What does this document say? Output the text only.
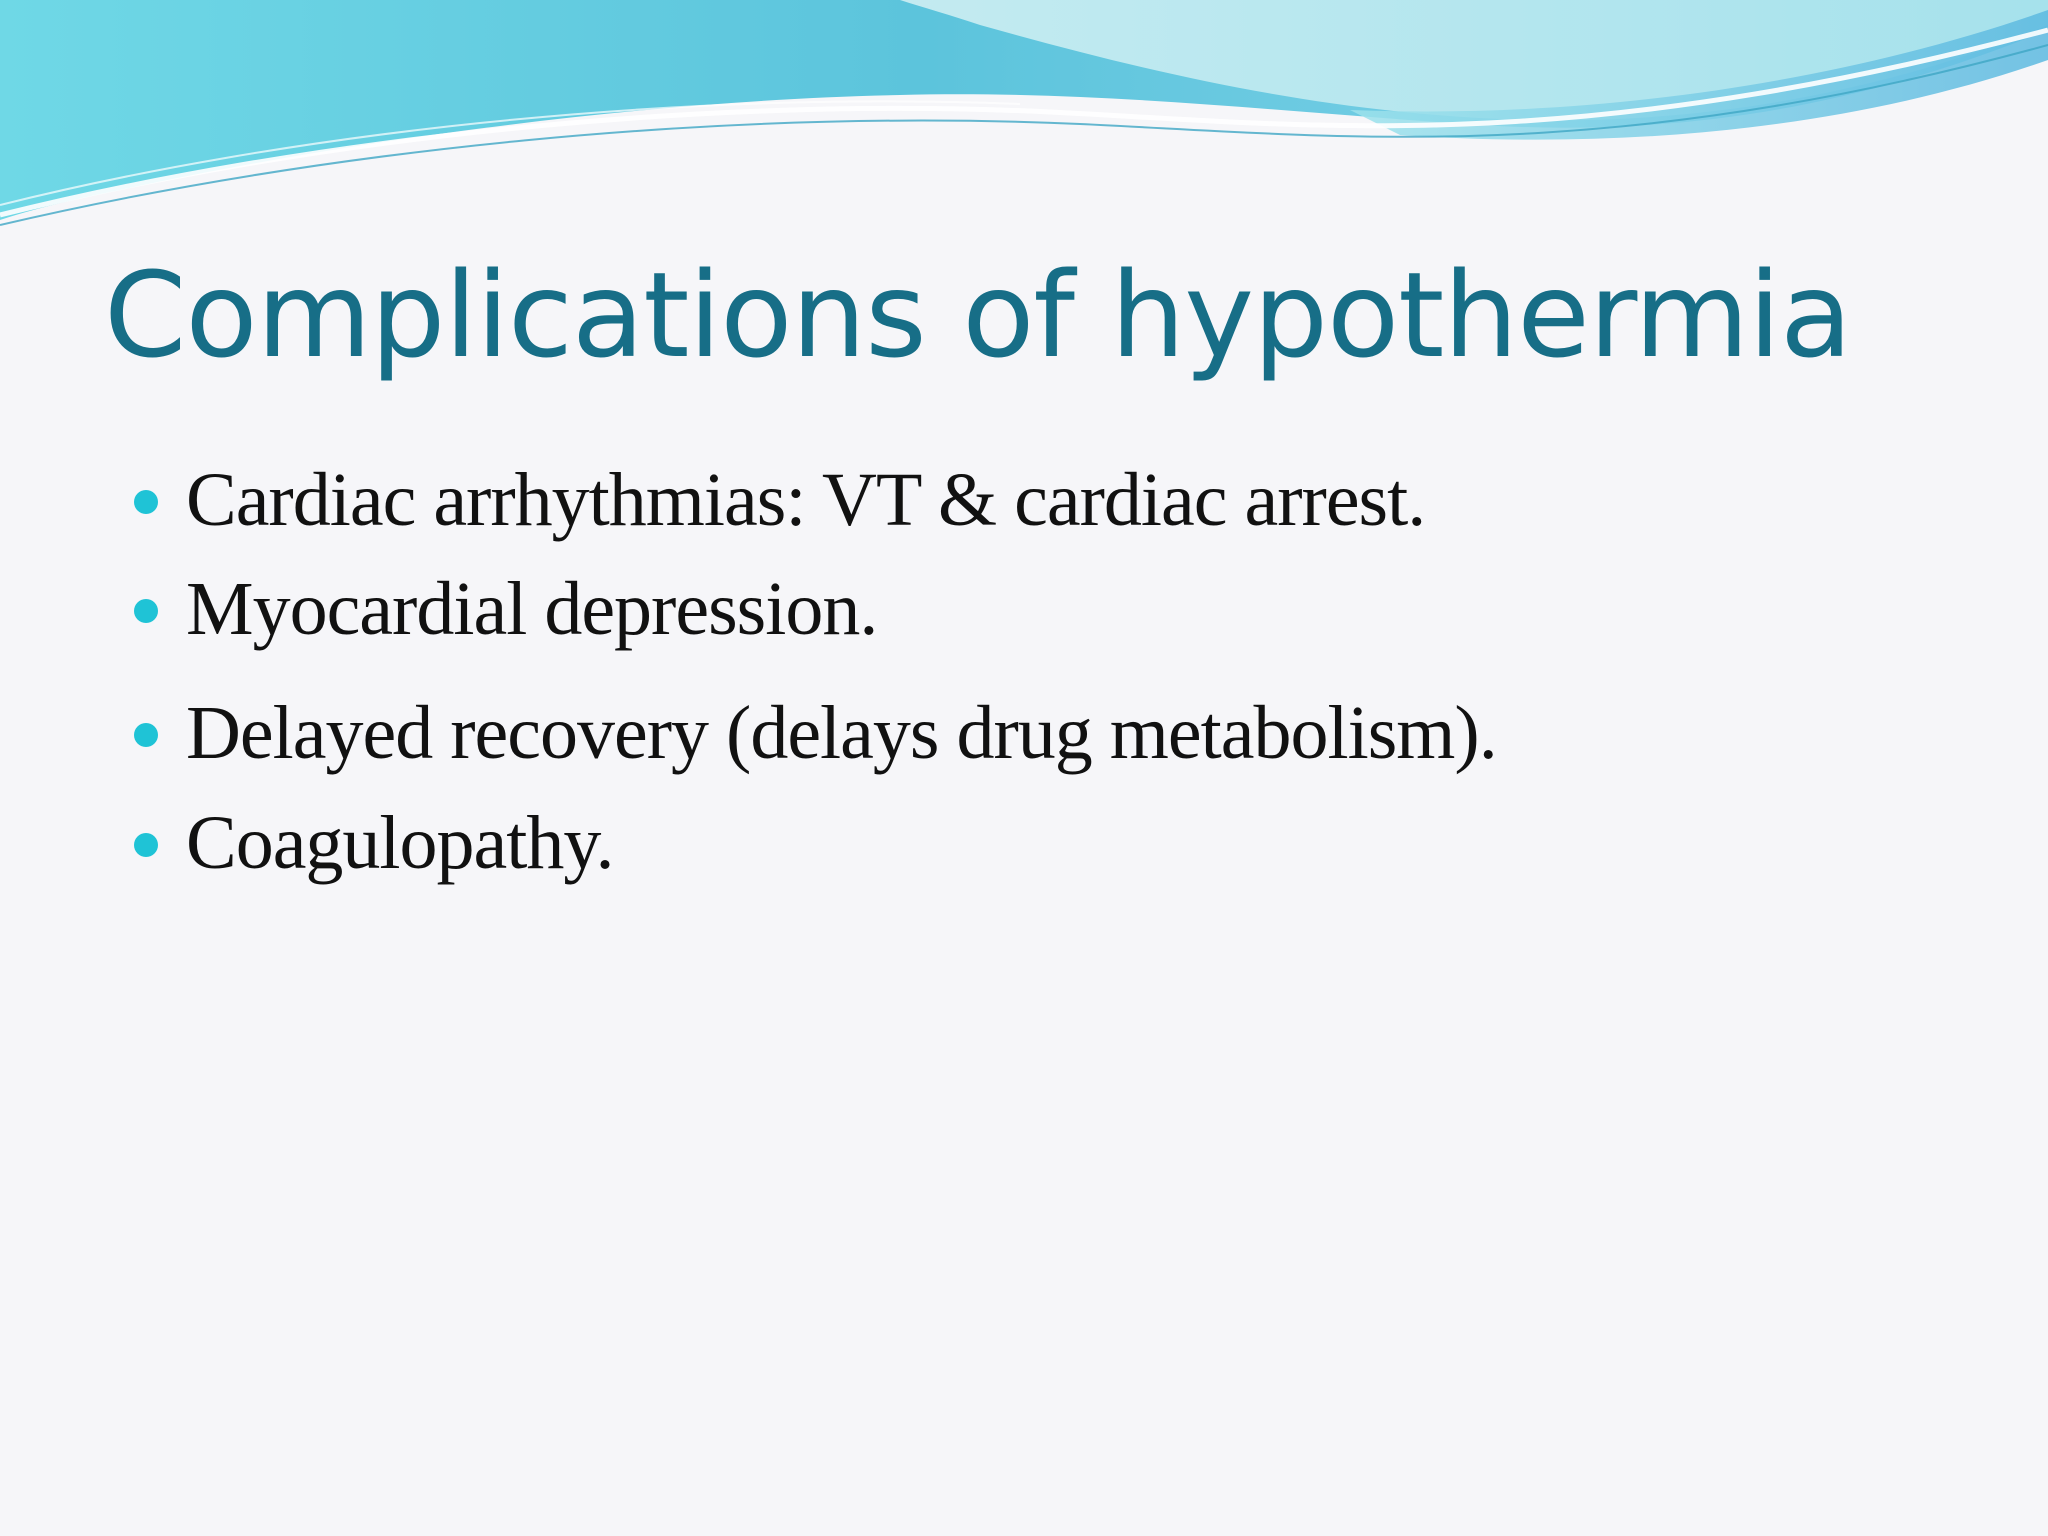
Complications of hypothermia
Cardiac arrhythmias: VT & cardiac arrest.
Myocardial depression.
Delayed recovery (delays drug metabolism).
Coagulopathy.
